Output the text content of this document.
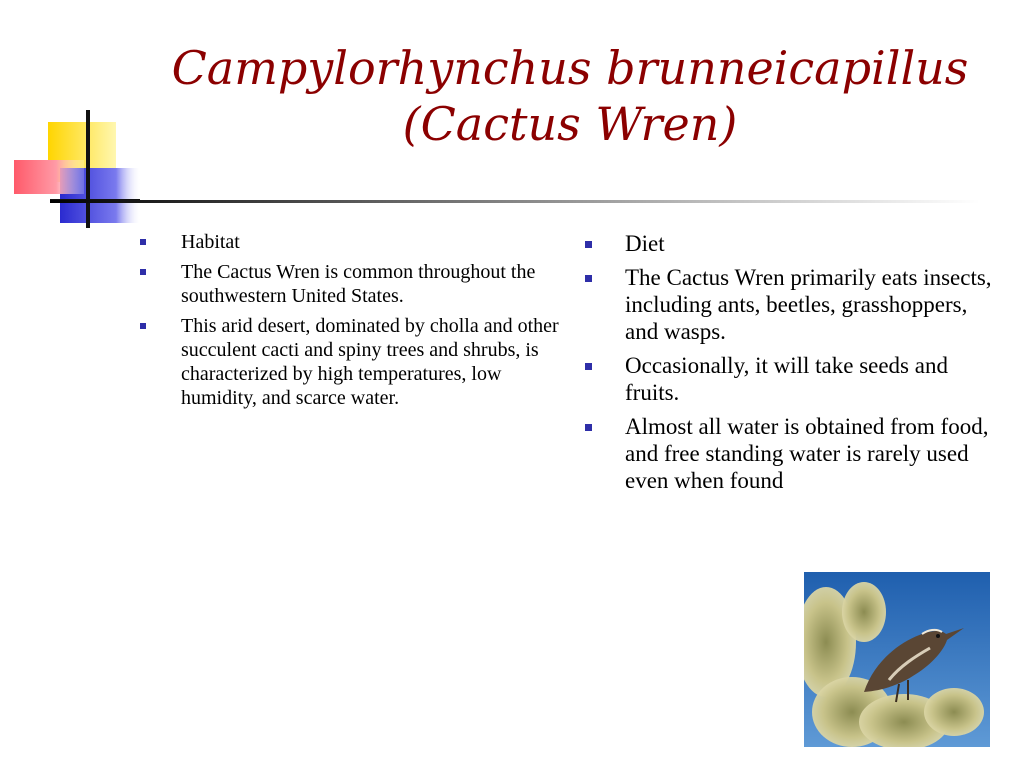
Campylorhynchus brunneicapillus
(Cactus Wren)
Habitat
The Cactus Wren is common throughout the southwestern United States.
This arid desert, dominated by cholla and other succulent cacti and spiny trees and shrubs, is characterized by high temperatures, low humidity, and scarce water.
Diet
The Cactus Wren primarily eats insects, including ants, beetles, grasshoppers, and wasps.
Occasionally, it will take seeds and fruits.
Almost all water is obtained from food, and free standing water is rarely used even when found
